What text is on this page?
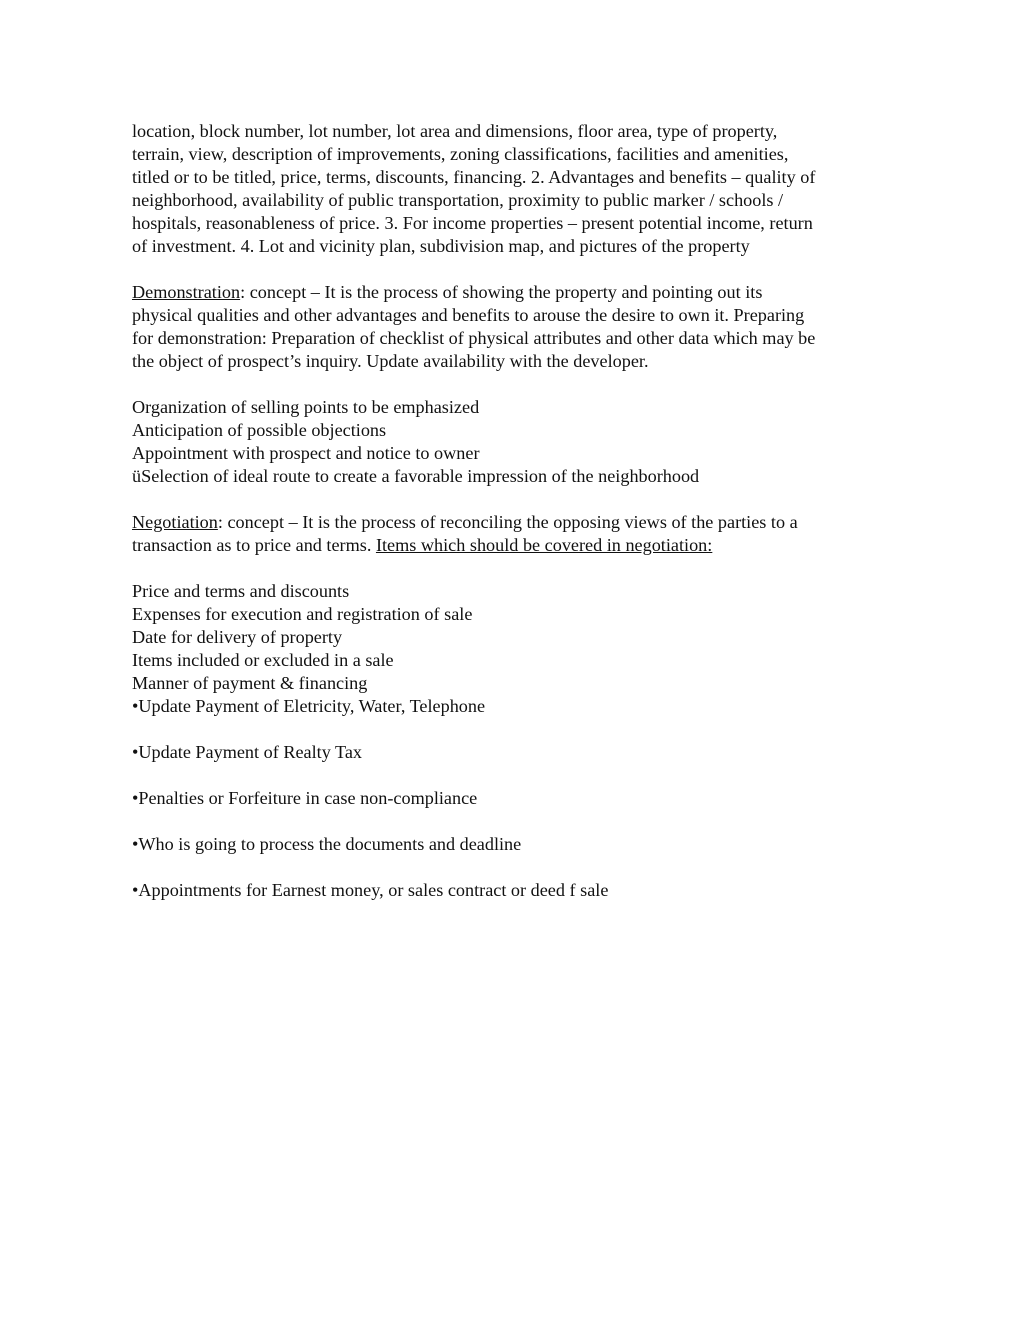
location, block number, lot number, lot area and dimensions, floor area, type of property,
terrain, view, description of improvements, zoning classifications, facilities and amenities,
titled or to be titled, price, terms, discounts, financing. 2. Advantages and benefits – quality of
neighborhood, availability of public transportation, proximity to public marker / schools /
hospitals, reasonableness of price. 3. For income properties – present potential income, return
of investment. 4. Lot and vicinity plan, subdivision map, and pictures of the property

Demonstration: concept – It is the process of showing the property and pointing out its
physical qualities and other advantages and benefits to arouse the desire to own it. Preparing
for demonstration: Preparation of checklist of physical attributes and other data which may be
the object of prospect’s inquiry. Update availability with the developer.

Organization of selling points to be emphasized

Anticipation of possible objections

Appointment with prospect and notice to owner

üSelection of ideal route to create a favorable impression of the neighborhood

Negotiation: concept – It is the process of reconciling the opposing views of the parties to a
transaction as to price and terms. Items which should be covered in negotiation:

Price and terms and discounts

Expenses for execution and registration of sale

Date for delivery of property

Items included or excluded in a sale

Manner of payment & financing

•Update Payment of Eletricity, Water, Telephone

•Update Payment of Realty Tax

•Penalties or Forfeiture in case non-compliance

•Who is going to process the documents and deadline

•Appointments for Earnest money, or sales contract or deed f sale
